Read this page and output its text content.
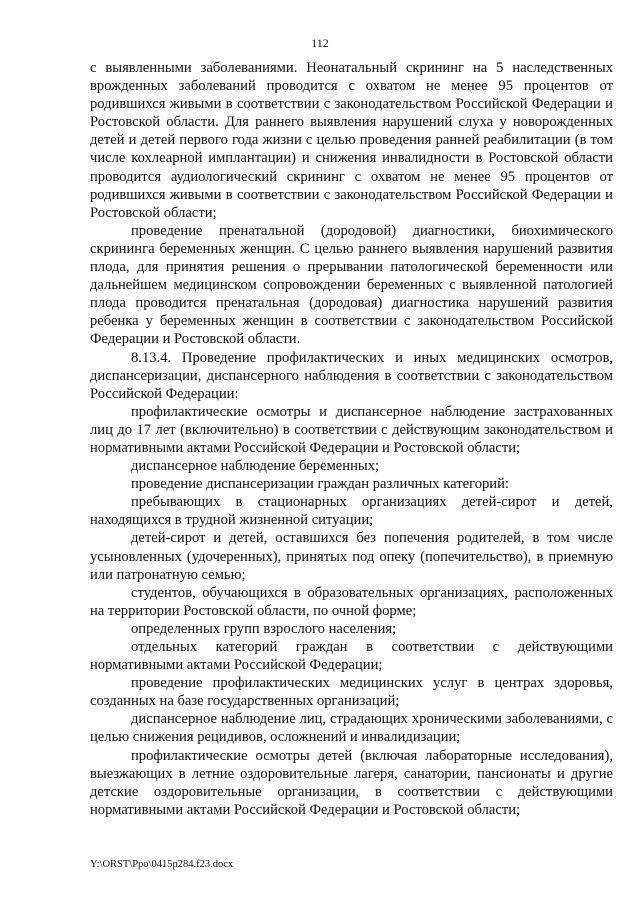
112

с выявленными заболеваниями. Неонатальный скрининг на 5 наследственных врожденных заболеваний проводится с охватом не менее 95 процентов от родившихся живыми в соответствии с законодательством Российской Федерации и Ростовской области. Для раннего выявления нарушений слуха у новорожденных детей и детей первого года жизни с целью проведения ранней реабилитации (в том числе кохлеарной имплантации) и снижения инвалидности в Ростовской области проводится аудиологический скрининг с охватом не менее 95 процентов от родившихся живыми в соответствии с законодательством Российской Федерации и Ростовской области;

проведение пренатальной (дородовой) диагностики, биохимического скрининга беременных женщин. С целью раннего выявления нарушений развития плода, для принятия решения о прерывании патологической беременности или дальнейшем медицинском сопровождении беременных с выявленной патологией плода проводится пренатальная (дородовая) диагностика нарушений развития ребенка у беременных женщин в соответствии с законодательством Российской Федерации и Ростовской области.

8.13.4. Проведение профилактических и иных медицинских осмотров, диспансеризации, диспансерного наблюдения в соответствии с законодательством Российской Федерации:

профилактические осмотры и диспансерное наблюдение застрахованных лиц до 17 лет (включительно) в соответствии с действующим законодательством и нормативными актами Российской Федерации и Ростовской области;

диспансерное наблюдение беременных;

проведение диспансеризации граждан различных категорий:

пребывающих в стационарных организациях детей-сирот и детей, находящихся в трудной жизненной ситуации;

детей-сирот и детей, оставшихся без попечения родителей, в том числе усыновленных (удочеренных), принятых под опеку (попечительство), в приемную или патронатную семью;

студентов, обучающихся в образовательных организациях, расположенных на территории Ростовской области, по очной форме;

определенных групп взрослого населения;

отдельных категорий граждан в соответствии с действующими нормативными актами Российской Федерации;

проведение профилактических медицинских услуг в центрах здоровья, созданных на базе государственных организаций;

диспансерное наблюдение лиц, страдающих хроническими заболеваниями, с целью снижения рецидивов, осложнений и инвалидизации;

профилактические осмотры детей (включая лабораторные исследования), выезжающих в летние оздоровительные лагеря, санатории, пансионаты и другие детские оздоровительные организации, в соответствии с действующими нормативными актами Российской Федерации и Ростовской области;

Y:\ORST\Ppo\0415p284.f23.docx
